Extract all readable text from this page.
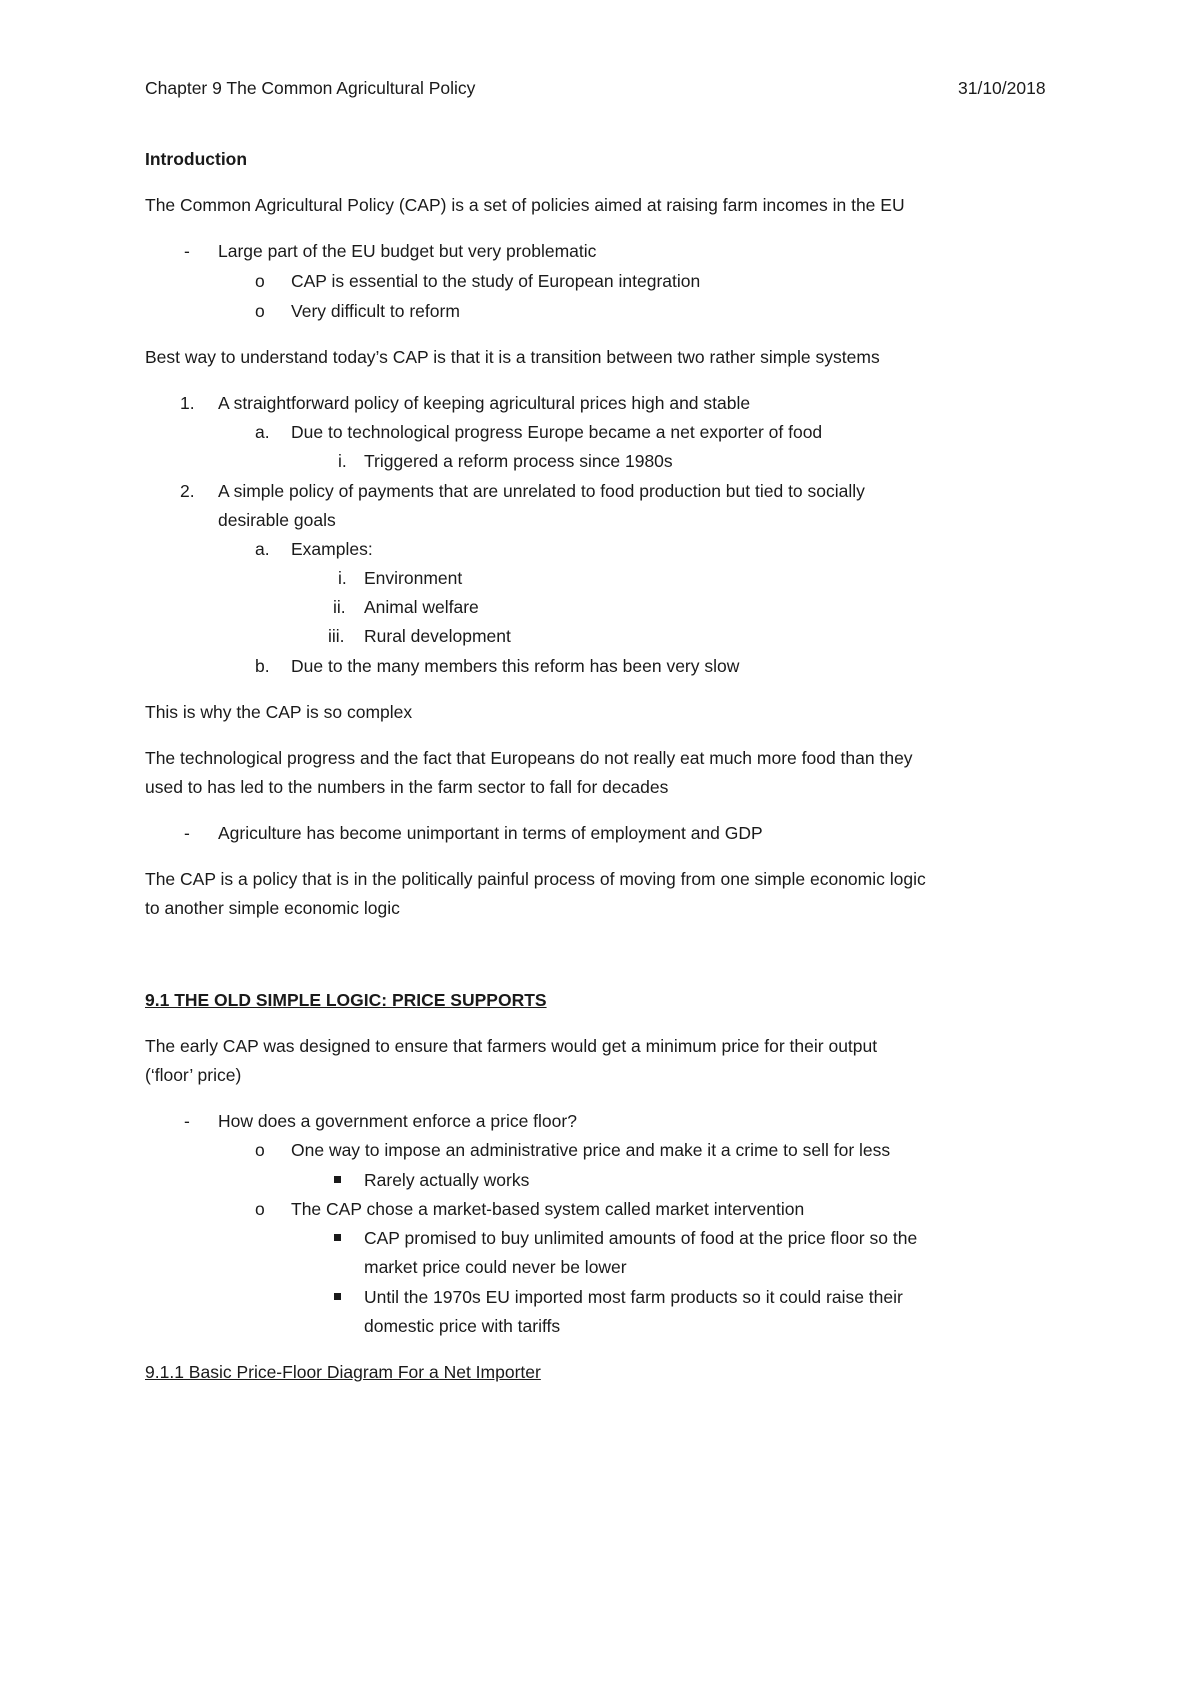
Chapter 9 The Common Agricultural Policy	31/10/2018
Introduction
The Common Agricultural Policy (CAP) is a set of policies aimed at raising farm incomes in the EU
- Large part of the EU budget but very problematic
o CAP is essential to the study of European integration
o Very difficult to reform
Best way to understand today’s CAP is that it is a transition between two rather simple systems
1. A straightforward policy of keeping agricultural prices high and stable
a. Due to technological progress Europe became a net exporter of food
i. Triggered a reform process since 1980s
2. A simple policy of payments that are unrelated to food production but tied to socially
desirable goals
a. Examples:
i. Environment
ii. Animal welfare
iii. Rural development
b. Due to the many members this reform has been very slow
This is why the CAP is so complex
The technological progress and the fact that Europeans do not really eat much more food than they
used to has led to the numbers in the farm sector to fall for decades
- Agriculture has become unimportant in terms of employment and GDP
The CAP is a policy that is in the politically painful process of moving from one simple economic logic
to another simple economic logic
9.1 THE OLD SIMPLE LOGIC: PRICE SUPPORTS
The early CAP was designed to ensure that farmers would get a minimum price for their output
(‘floor’ price)
- How does a government enforce a price floor?
o One way to impose an administrative price and make it a crime to sell for less
Rarely actually works
o The CAP chose a market-based system called market intervention
CAP promised to buy unlimited amounts of food at the price floor so the
market price could never be lower
Until the 1970s EU imported most farm products so it could raise their
domestic price with tariffs
9.1.1 Basic Price-Floor Diagram For a Net Importer
